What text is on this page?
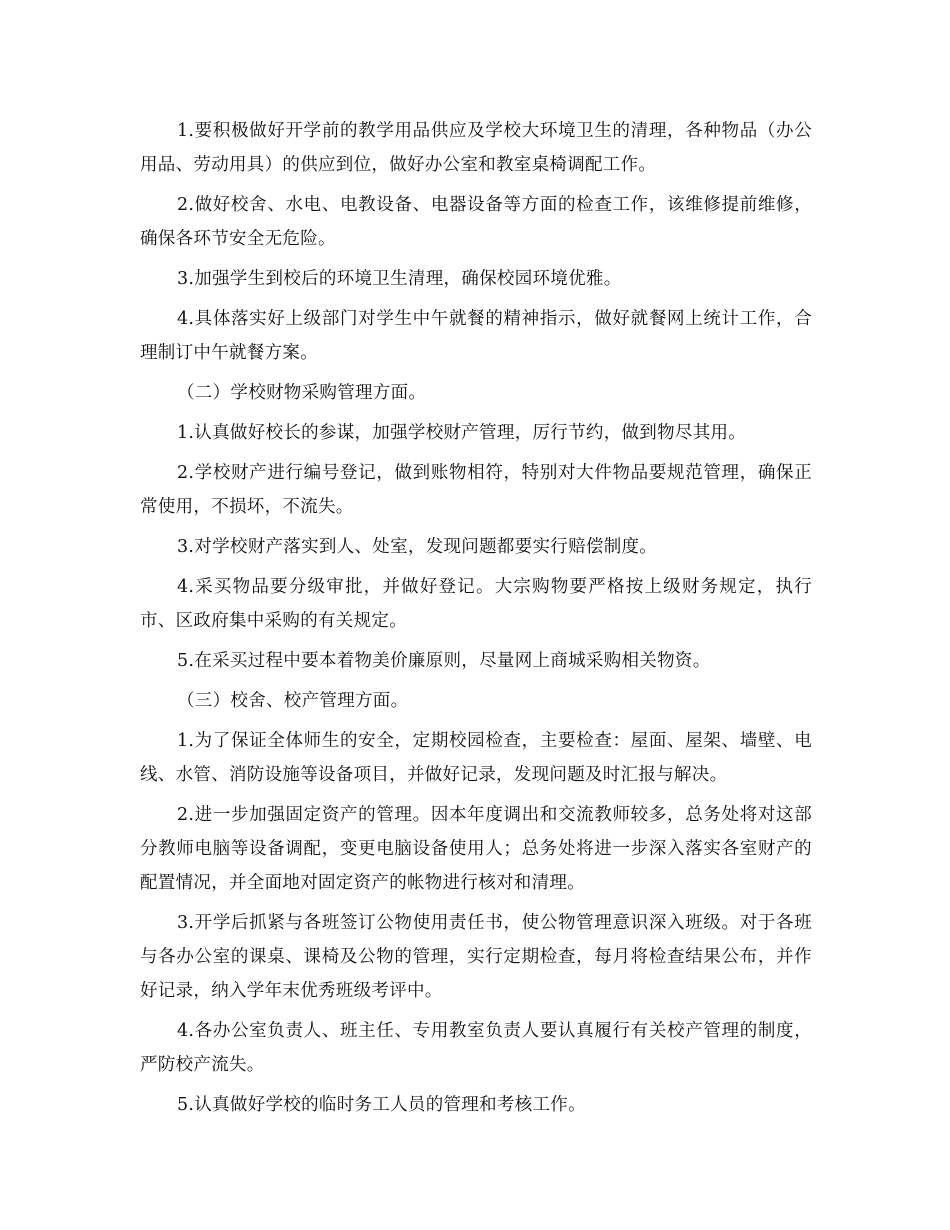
1.要积极做好开学前的教学用品供应及学校大环境卫生的清理，各种物品（办公用品、劳动用具）的供应到位，做好办公室和教室桌椅调配工作。

2.做好校舍、水电、电教设备、电器设备等方面的检查工作，该维修提前维修，确保各环节安全无危险。

3.加强学生到校后的环境卫生清理，确保校园环境优雅。

4.具体落实好上级部门对学生中午就餐的精神指示，做好就餐网上统计工作，合理制订中午就餐方案。

（二）学校财物采购管理方面。

1.认真做好校长的参谋，加强学校财产管理，厉行节约，做到物尽其用。

2.学校财产进行编号登记，做到账物相符，特别对大件物品要规范管理，确保正常使用，不损坏，不流失。

3.对学校财产落实到人、处室，发现问题都要实行赔偿制度。

4.采买物品要分级审批，并做好登记。大宗购物要严格按上级财务规定，执行市、区政府集中采购的有关规定。

5.在采买过程中要本着物美价廉原则，尽量网上商城采购相关物资。

（三）校舍、校产管理方面。

1.为了保证全体师生的安全，定期校园检查，主要检查：屋面、屋架、墙壁、电线、水管、消防设施等设备项目，并做好记录，发现问题及时汇报与解决。

2.进一步加强固定资产的管理。因本年度调出和交流教师较多，总务处将对这部分教师电脑等设备调配，变更电脑设备使用人；总务处将进一步深入落实各室财产的配置情况，并全面地对固定资产的帐物进行核对和清理。

3.开学后抓紧与各班签订公物使用责任书，使公物管理意识深入班级。对于各班与各办公室的课桌、课椅及公物的管理，实行定期检查，每月将检查结果公布，并作好记录，纳入学年末优秀班级考评中。

4.各办公室负责人、班主任、专用教室负责人要认真履行有关校产管理的制度，严防校产流失。

5.认真做好学校的临时务工人员的管理和考核工作。
